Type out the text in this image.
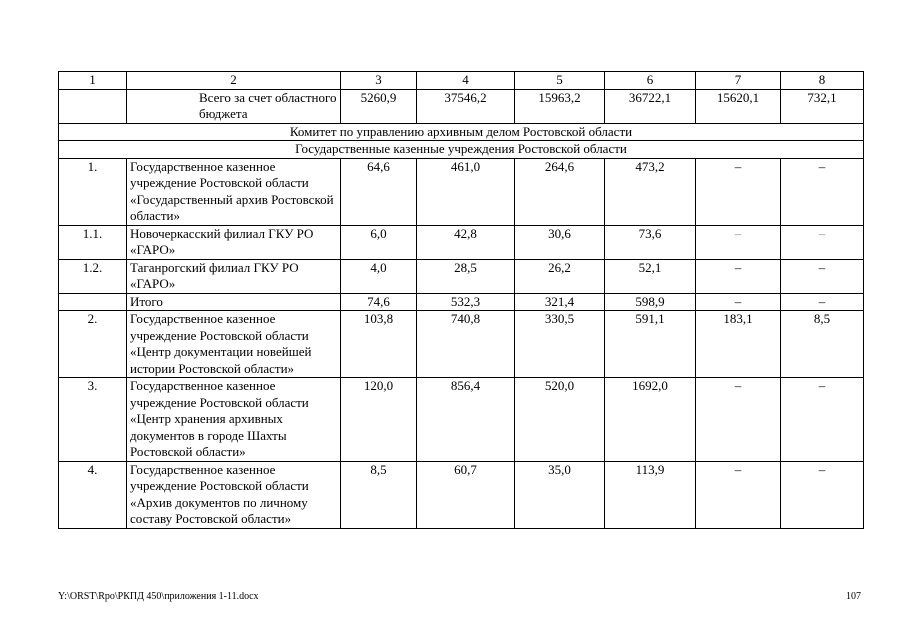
1	2	3	4	5	6	7	8
	Всего за счет областного бюджета	5260,9	37546,2	15963,2	36722,1	15620,1	732,1
Комитет по управлению архивным делом Ростовской области							
Государственные казенные учреждения Ростовской области							
1.	Государственное казенное учреждение Ростовской области «Государственный архив Ростовской области»	64,6	461,0	264,6	473,2	–	–
1.1.	Новочеркасский филиал ГКУ РО «ГАРО»	6,0	42,8	30,6	73,6	–	–
1.2.	Таганрогский филиал ГКУ РО «ГАРО»	4,0	28,5	26,2	52,1	–	–
	Итого	74,6	532,3	321,4	598,9	–	–
2.	Государственное казенное учреждение Ростовской области «Центр документации новейшей истории Ростовской области»	103,8	740,8	330,5	591,1	183,1	8,5
3.	Государственное казенное учреждение Ростовской области «Центр хранения архивных документов в городе Шахты Ростовской области»	120,0	856,4	520,0	1692,0	–	–
4.	Государственное казенное учреждение Ростовской области «Архив документов по личному составу Ростовской области»	8,5	60,7	35,0	113,9	–	–
Y:\ORST\Rpo\РКПД 450\приложения 1-11.docx	107
